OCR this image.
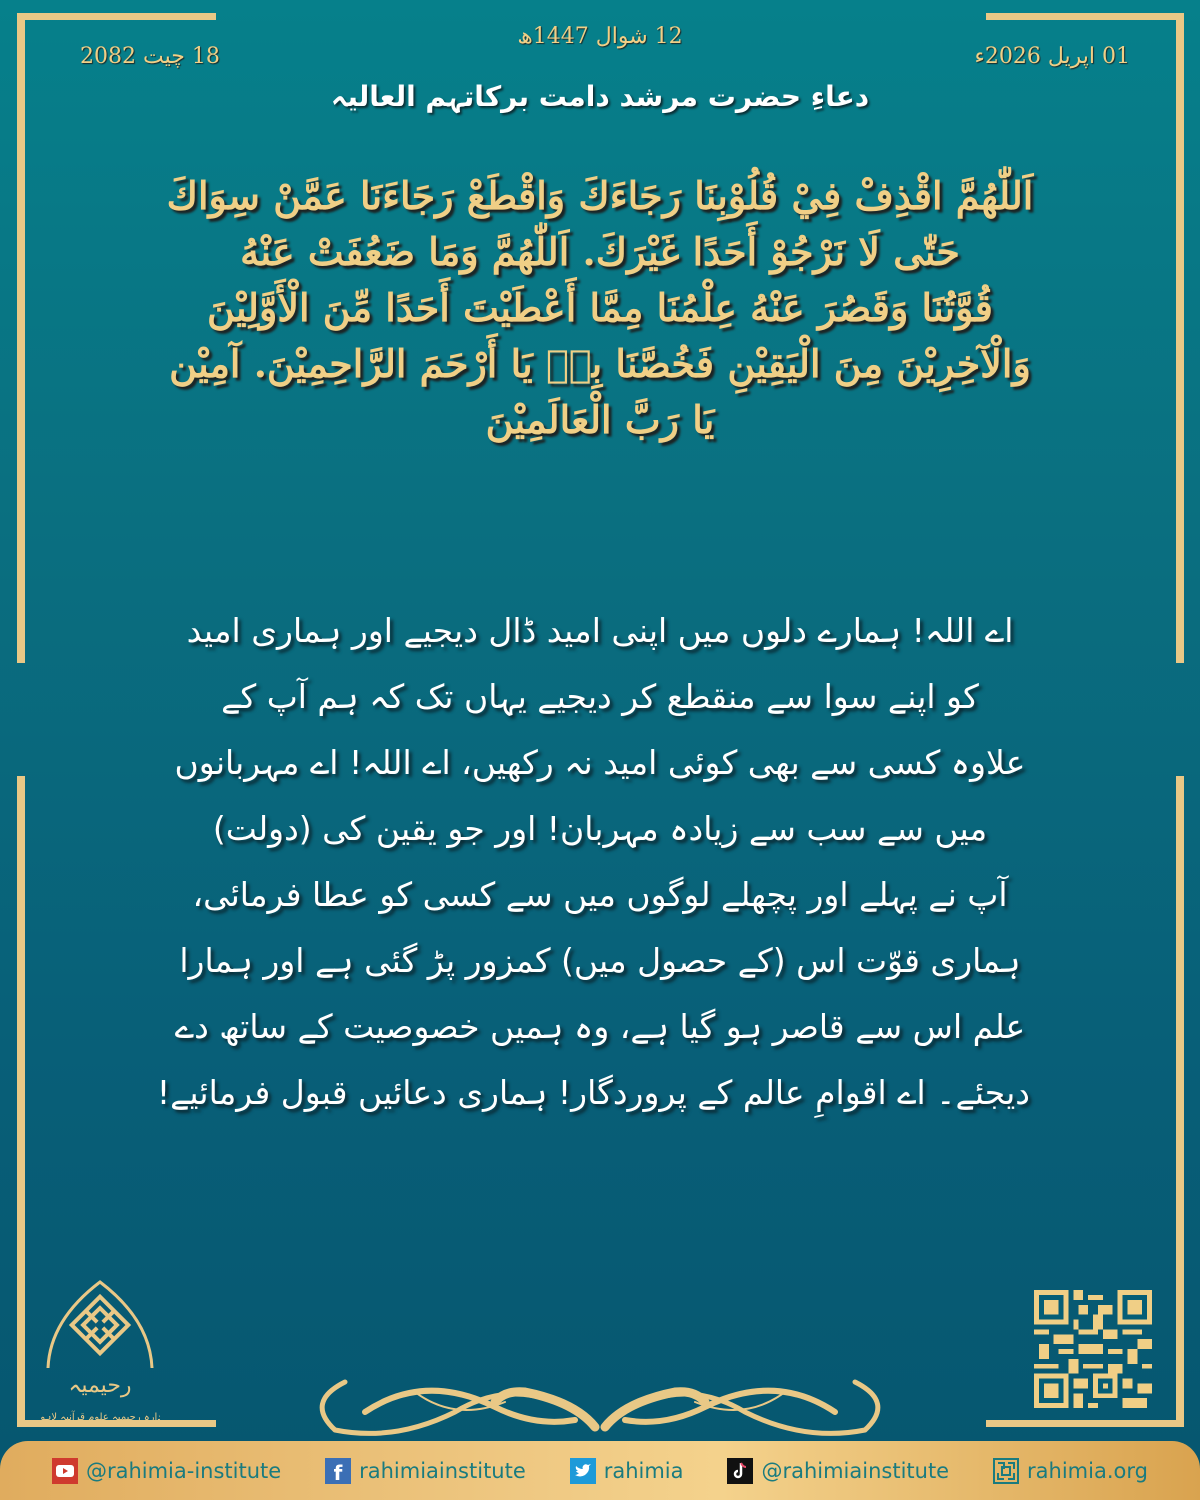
18 چیت 2082
12 شوال 1447ھ
01 اپریل 2026ء
دعاءِ حضرت مرشد دامت برکاتہم العالیہ
اَللّٰهُمَّ اقْذِفْ فِيْ قُلُوْبِنَا رَجَاءَكَ وَاقْطَعْ رَجَاءَنَا عَمَّنْ سِوَاكَ
حَتّٰى لَا نَرْجُوْ أَحَدًا غَيْرَكَ. اَللّٰهُمَّ وَمَا ضَعُفَتْ عَنْهُ
قُوَّتُنَا وَقَصُرَ عَنْهُ عِلْمُنَا مِمَّا أَعْطَيْتَ أَحَدًا مِّنَ الْأَوَّلِيْنَ
وَالْآخِرِيْنَ مِنَ الْيَقِيْنِ فَخُصَّنَا بِهٖ يَا أَرْحَمَ الرَّاحِمِيْنَ. آمِيْن
يَا رَبَّ الْعَالَمِيْنَ
اے اللہ! ہمارے دلوں میں اپنی امید ڈال دیجیے اور ہماری امید
کو اپنے سوا سے منقطع کر دیجیے یہاں تک کہ ہم آپ کے
علاوہ کسی سے بھی کوئی امید نہ رکھیں، اے اللہ! اے مہربانوں
میں سے سب سے زیادہ مہربان! اور جو یقین کی (دولت)
آپ نے پہلے اور پچھلے لوگوں میں سے کسی کو عطا فرمائی،
ہماری قوّت اس (کے حصول میں) کمزور پڑ گئی ہے اور ہمارا
علم اس سے قاصر ہو گیا ہے، وہ ہمیں خصوصیت کے ساتھ دے
دیجئے۔ اے اقوامِ عالم کے پروردگار! ہماری دعائیں قبول فرمائیے!
رحیمیہ
ادارہ رحیمیہ علومِ قرآنیہ لاہور
@rahimia-institute	f rahimiainstitute	rahimia	@rahimiainstitute	rahimia.org
